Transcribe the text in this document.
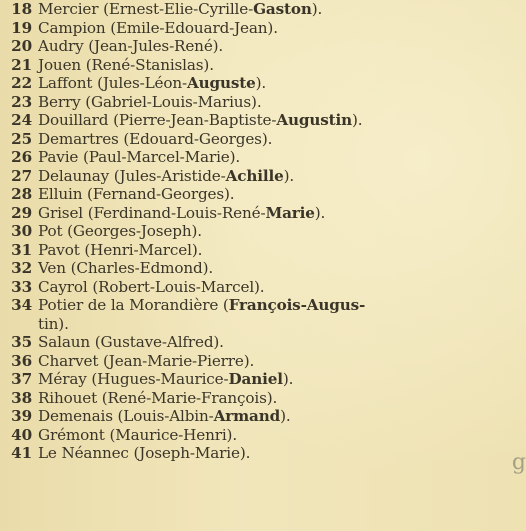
18 Mercier (Ernest-Elie-Cyrille-Gaston).
19 Campion (Emile-Edouard-Jean).
20 Audry (Jean-Jules-René).
21 Jouen (René-Stanislas).
22 Laffont (Jules-Léon-Auguste).
23 Berry (Gabriel-Louis-Marius).
24 Douillard (Pierre-Jean-Baptiste-Augustin).
25 Demartres (Edouard-Georges).
26 Pavie (Paul-Marcel-Marie).
27 Delaunay (Jules-Aristide-Achille).
28 Elluin (Fernand-Georges).
29 Grisel (Ferdinand-Louis-René-Marie).
30 Pot (Georges-Joseph).
31 Pavot (Henri-Marcel).
32 Ven (Charles-Edmond).
33 Cayrol (Robert-Louis-Marcel).
34 Potier de la Morandière (François-Augus-
tin).
35 Salaun (Gustave-Alfred).
36 Charvet (Jean-Marie-Pierre).
37 Méray (Hugues-Maurice-Daniel).
38 Rihouet (René-Marie-François).
39 Demenais (Louis-Albin-Armand).
40 Grémont (Maurice-Henri).
41 Le Néannec (Joseph-Marie).	g
